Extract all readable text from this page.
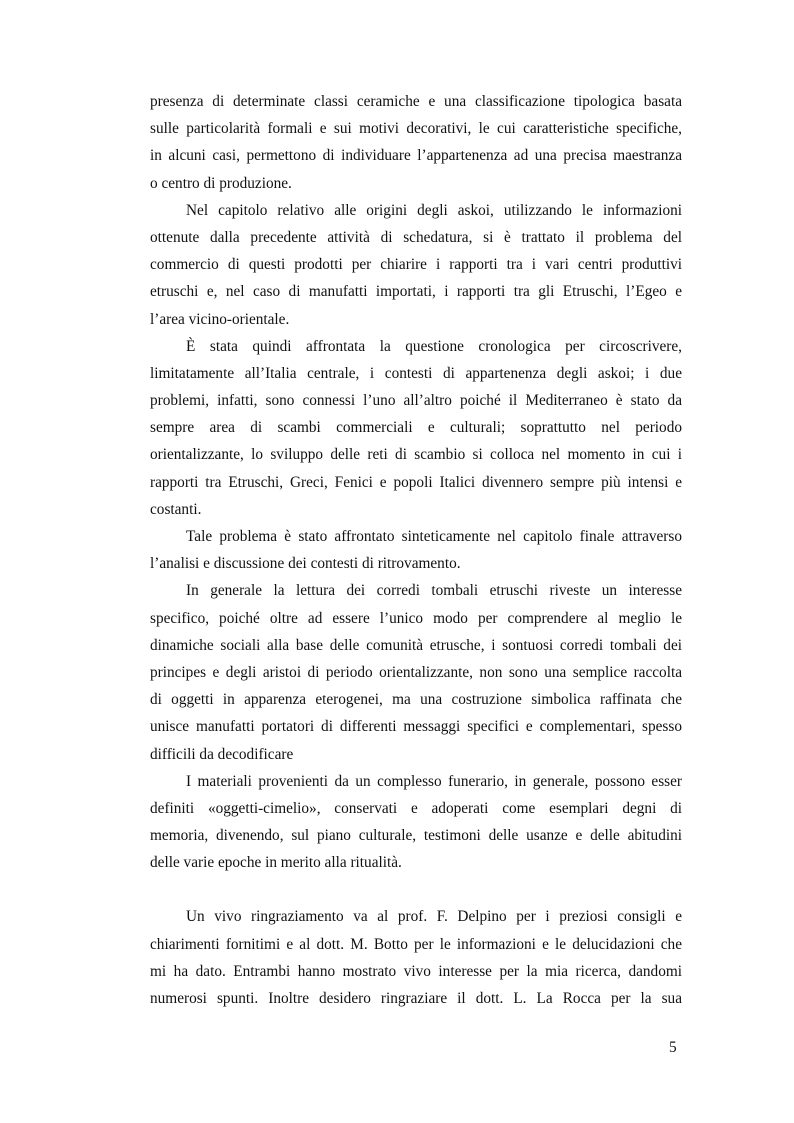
presenza di determinate classi ceramiche e una classificazione tipologica basata
sulle particolarità formali e sui motivi decorativi, le cui caratteristiche specifiche,
in alcuni casi, permettono di individuare l’appartenenza ad una precisa maestranza
o centro di produzione.

Nel capitolo relativo alle origini degli askoi, utilizzando le informazioni
ottenute dalla precedente attività di schedatura, si è trattato il problema del
commercio di questi prodotti per chiarire i rapporti tra i vari centri produttivi
etruschi e, nel caso di manufatti importati, i rapporti tra gli Etruschi, l’Egeo e
l’area vicino-orientale.

È stata quindi affrontata la questione cronologica per circoscrivere,
limitatamente all’Italia centrale, i contesti di appartenenza degli askoi; i due
problemi, infatti, sono connessi l’uno all’altro poiché il Mediterraneo è stato da
sempre area di scambi commerciali e culturali; soprattutto nel periodo
orientalizzante, lo sviluppo delle reti di scambio si colloca nel momento in cui i
rapporti tra Etruschi, Greci, Fenici e popoli Italici divennero sempre più intensi e
costanti.

Tale problema è stato affrontato sinteticamente nel capitolo finale attraverso
l’analisi e discussione dei contesti di ritrovamento.

In generale la lettura dei corredi tombali etruschi riveste un interesse
specifico, poiché oltre ad essere l’unico modo per comprendere al meglio le
dinamiche sociali alla base delle comunità etrusche, i sontuosi corredi tombali dei
principes e degli aristoi di periodo orientalizzante, non sono una semplice raccolta
di oggetti in apparenza eterogenei, ma una costruzione simbolica raffinata che
unisce manufatti portatori di differenti messaggi specifici e complementari, spesso
difficili da decodificare

I materiali provenienti da un complesso funerario, in generale, possono esser
definiti «oggetti-cimelio», conservati e adoperati come esemplari degni di
memoria, divenendo, sul piano culturale, testimoni delle usanze e delle abitudini
delle varie epoche in merito alla ritualità.

Un vivo ringraziamento va al prof. F. Delpino per i preziosi consigli e
chiarimenti fornitimi e al dott. M. Botto per le informazioni e le delucidazioni che
mi ha dato. Entrambi hanno mostrato vivo interesse per la mia ricerca, dandomi
numerosi spunti. Inoltre desidero ringraziare il dott. L. La Rocca per la sua

5
